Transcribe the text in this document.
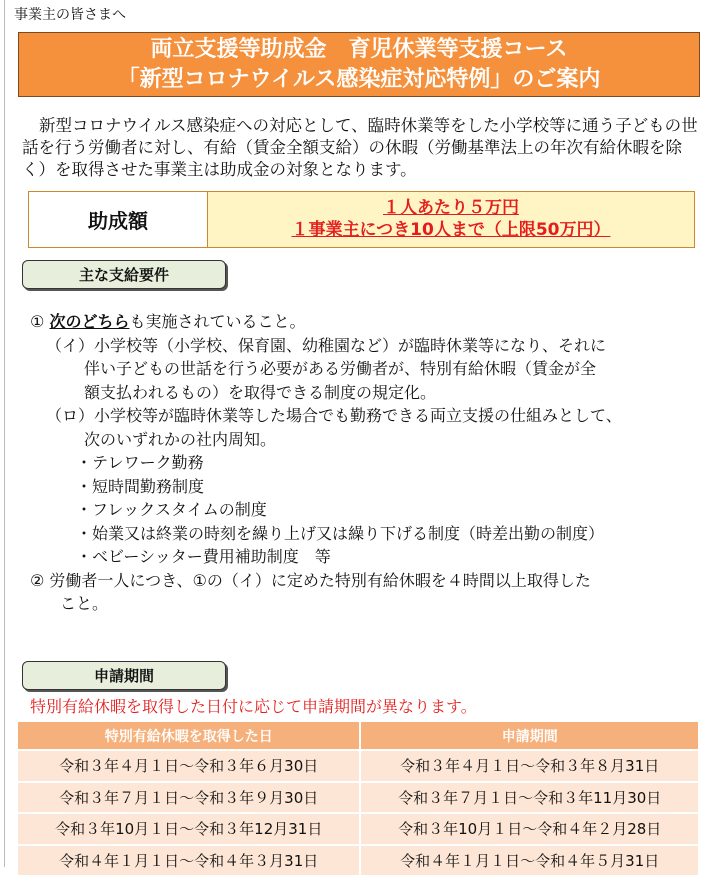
事業主の皆さまへ
両立支援等助成金　育児休業等支援コース
「新型コロナウイルス感染症対応特例」のご案内
新型コロナウイルス感染症への対応として、臨時休業等をした小学校等に通う子どもの世話を行う労働者に対し、有給（賃金全額支給）の休暇（労働基準法上の年次有給休暇を除く）を取得させた事業主は助成金の対象となります。
助成額
１人あたり５万円
１事業主につき10人まで（上限50万円）
主な支給要件
① 次のどちらも実施されていること。
（イ）小学校等（小学校、保育園、幼稚園など）が臨時休業等になり、それに
伴い子どもの世話を行う必要がある労働者が、特別有給休暇（賃金が全
額支払われるもの）を取得できる制度の規定化。
（ロ）小学校等が臨時休業等した場合でも勤務できる両立支援の仕組みとして、
次のいずれかの社内周知。
・テレワーク勤務
・短時間勤務制度
・フレックスタイムの制度
・始業又は終業の時刻を繰り上げ又は繰り下げる制度（時差出勤の制度）
・ベビーシッター費用補助制度　等
② 労働者一人につき、①の（イ）に定めた特別有給休暇を４時間以上取得した
こと。
申請期間
特別有給休暇を取得した日付に応じて申請期間が異なります。
特別有給休暇を取得した日	申請期間
令和３年４月１日～令和３年６月30日	令和３年４月１日～令和３年８月31日
令和３年７月１日～令和３年９月30日	令和３年７月１日～令和３年11月30日
令和３年10月１日～令和３年12月31日	令和３年10月１日～令和４年２月28日
令和４年１月１日～令和４年３月31日	令和４年１月１日～令和４年５月31日
